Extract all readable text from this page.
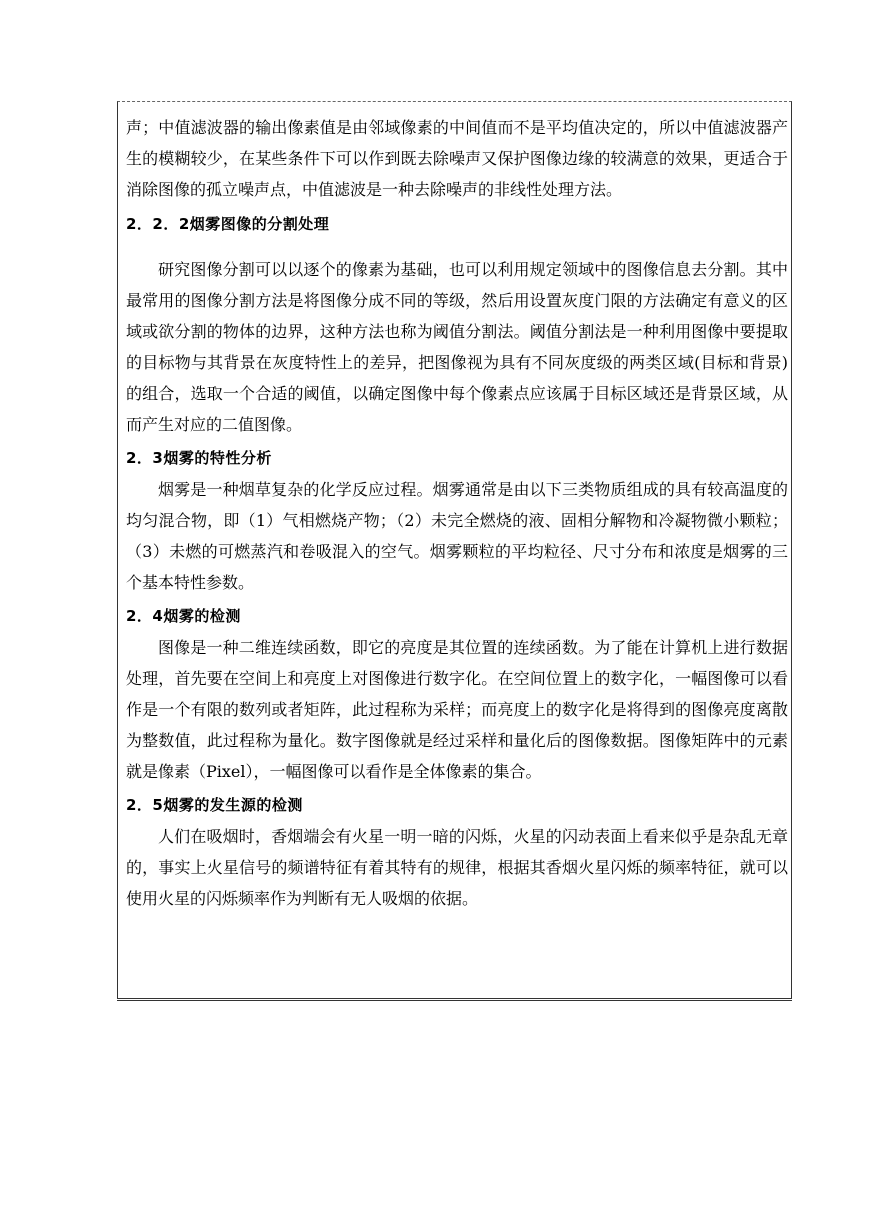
声；中值滤波器的输出像素值是由邻域像素的中间值而不是平均值决定的，所以中值滤波器产生的模糊较少，在某些条件下可以作到既去除噪声又保护图像边缘的较满意的效果，更适合于消除图像的孤立噪声点，中值滤波是一种去除噪声的非线性处理方法。

2．2．2烟雾图像的分割处理

研究图像分割可以以逐个的像素为基础，也可以利用规定领域中的图像信息去分割。其中最常用的图像分割方法是将图像分成不同的等级，然后用设置灰度门限的方法确定有意义的区域或欲分割的物体的边界，这种方法也称为阈值分割法。阈值分割法是一种利用图像中要提取的目标物与其背景在灰度特性上的差异，把图像视为具有不同灰度级的两类区域(目标和背景)的组合，选取一个合适的阈值，以确定图像中每个像素点应该属于目标区域还是背景区域，从而产生对应的二值图像。

2．3烟雾的特性分析

烟雾是一种烟草复杂的化学反应过程。烟雾通常是由以下三类物质组成的具有较高温度的均匀混合物，即（1）气相燃烧产物；（2）未完全燃烧的液、固相分解物和冷凝物微小颗粒；（3）未燃的可燃蒸汽和卷吸混入的空气。烟雾颗粒的平均粒径、尺寸分布和浓度是烟雾的三个基本特性参数。

2．4烟雾的检测

图像是一种二维连续函数，即它的亮度是其位置的连续函数。为了能在计算机上进行数据处理，首先要在空间上和亮度上对图像进行数字化。在空间位置上的数字化，一幅图像可以看作是一个有限的数列或者矩阵，此过程称为采样；而亮度上的数字化是将得到的图像亮度离散为整数值，此过程称为量化。数字图像就是经过采样和量化后的图像数据。图像矩阵中的元素就是像素（Pixel），一幅图像可以看作是全体像素的集合。

2．5烟雾的发生源的检测

人们在吸烟时，香烟端会有火星一明一暗的闪烁，火星的闪动表面上看来似乎是杂乱无章的，事实上火星信号的频谱特征有着其特有的规律，根据其香烟火星闪烁的频率特征，就可以使用火星的闪烁频率作为判断有无人吸烟的依据。
